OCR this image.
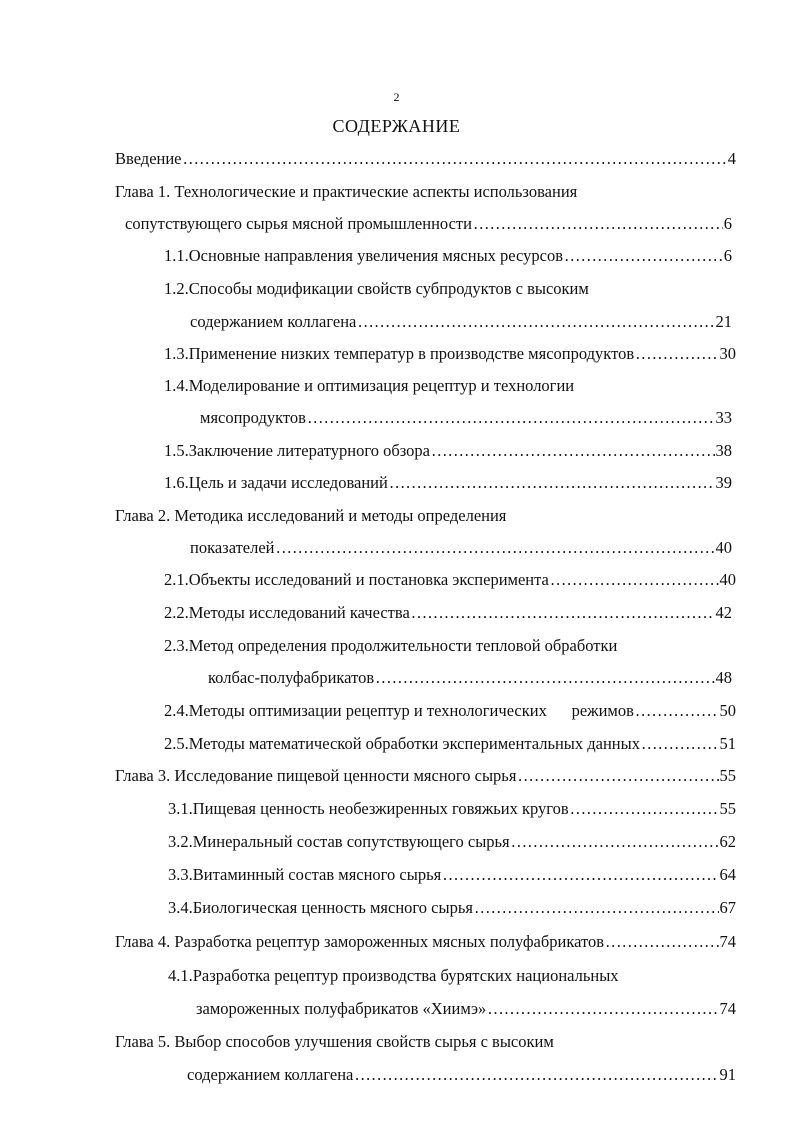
2
СОДЕРЖАНИЕ
Введение ………………………………………………………………………………………………………………………………………………………………	4
Глава 1. Технологические и практические аспекты использования
сопутствующего сырья мясной промышленности ………………………………………………………………………………………………………………………………………………………………	6
1.1.Основные направления увеличения мясных ресурсов ………………………………………………………………………………………………………………………………………………………………	6
1.2.Способы модификации свойств субпродуктов с высоким
содержанием коллагена ………………………………………………………………………………………………………………………………………………………………	21
1.3.Применение низких температур в производстве мясопродуктов ………………………………………………………………………………………………………………………………………………………………	30
1.4.Моделирование и оптимизация рецептур и технологии
мясопродуктов ………………………………………………………………………………………………………………………………………………………………	33
1.5.Заключение литературного обзора ………………………………………………………………………………………………………………………………………………………………	38
1.6.Цель и задачи исследований ………………………………………………………………………………………………………………………………………………………………	39
Глава 2. Методика исследований и методы определения
показателей ………………………………………………………………………………………………………………………………………………………………	40
2.1.Объекты исследований и постановка эксперимента ………………………………………………………………………………………………………………………………………………………………	40
2.2.Методы исследований качества ………………………………………………………………………………………………………………………………………………………………	42
2.3.Метод определения продолжительности тепловой обработки
колбас-полуфабрикатов ………………………………………………………………………………………………………………………………………………………………	48
2.4.Методы оптимизации рецептур и технологических      режимов ………………………………………………………………………………………………………………………………………………………………	50
2.5.Методы математической обработки экспериментальных данных ………………………………………………………………………………………………………………………………………………………………	51
Глава 3. Исследование пищевой ценности мясного сырья ………………………………………………………………………………………………………………………………………………………………	55
3.1.Пищевая ценность необезжиренных говяжьих кругов ………………………………………………………………………………………………………………………………………………………………	55
3.2.Минеральный состав сопутствующего сырья ………………………………………………………………………………………………………………………………………………………………	62
3.3.Витаминный состав мясного сырья ………………………………………………………………………………………………………………………………………………………………	64
3.4.Биологическая ценность мясного сырья ………………………………………………………………………………………………………………………………………………………………	67
Глава 4. Разработка рецептур замороженных мясных полуфабрикатов ………………………………………………………………………………………………………………………………………………………………	74
4.1.Разработка рецептур производства бурятских национальных
замороженных полуфабрикатов «Хиимэ» ………………………………………………………………………………………………………………………………………………………………	74
Глава 5. Выбор способов улучшения свойств сырья с высоким
содержанием коллагена ………………………………………………………………………………………………………………………………………………………………	91
